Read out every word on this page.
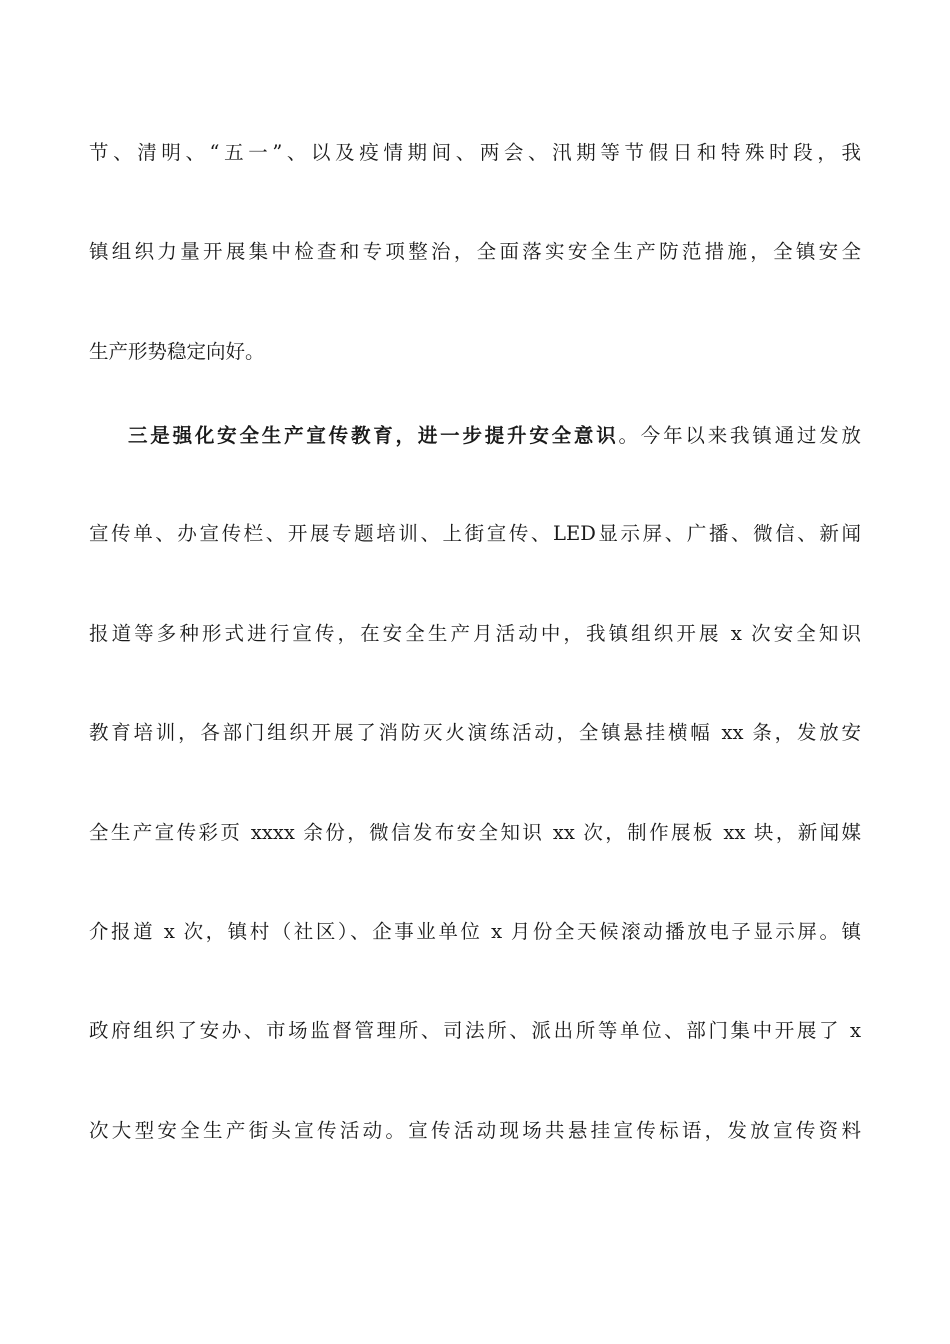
节、清明、“五一”、以及疫情期间、两会、汛期等节假日和特殊时段，我
镇组织力量开展集中检查和专项整治，全面落实安全生产防范措施，全镇安全
生产形势稳定向好。
三是强化安全生产宣传教育，进一步提升安全意识。今年以来我镇通过发放
宣传单、办宣传栏、开展专题培训、上街宣传、LED显示屏、广播、微信、新闻
报道等多种形式进行宣传，在安全生产月活动中，我镇组织开展 x 次安全知识
教育培训，各部门组织开展了消防灭火演练活动，全镇悬挂横幅 xx 条，发放安
全生产宣传彩页 xxxx 余份，微信发布安全知识 xx 次，制作展板 xx 块，新闻媒
介报道 x 次，镇村（社区）、企事业单位 x 月份全天候滚动播放电子显示屏。镇
政府组织了安办、市场监督管理所、司法所、派出所等单位、部门集中开展了 x
次大型安全生产街头宣传活动。宣传活动现场共悬挂宣传标语，发放宣传资料
